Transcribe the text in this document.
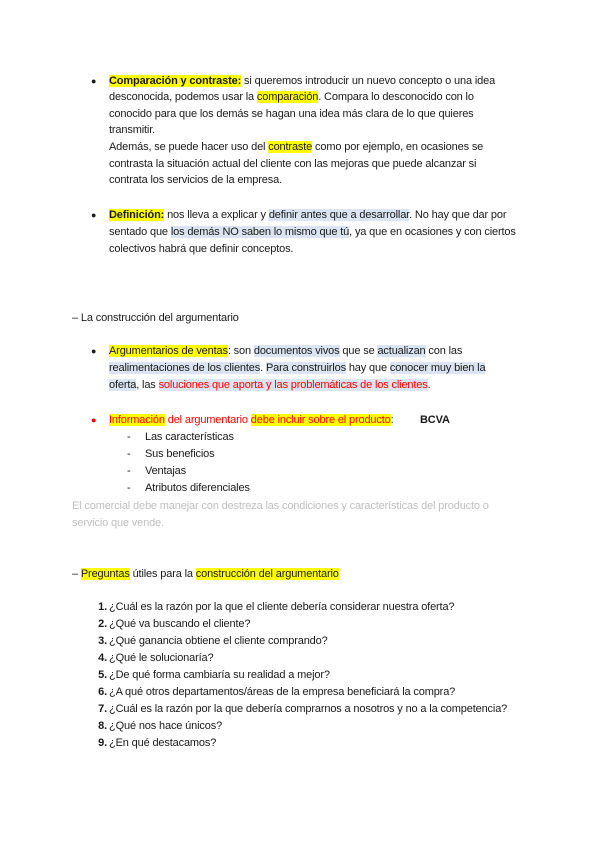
● Comparación y contraste: si queremos introducir un nuevo concepto o una idea
desconocida, podemos usar la comparación. Compara lo desconocido con lo
conocido para que los demás se hagan una idea más clara de lo que quieres
transmitir.
Además, se puede hacer uso del contraste como por ejemplo, en ocasiones se
contrasta la situación actual del cliente con las mejoras que puede alcanzar si
contrata los servicios de la empresa.
● Definición: nos lleva a explicar y definir antes que a desarrollar. No hay que dar por
sentado que los demás NO saben lo mismo que tú, ya que en ocasiones y con ciertos
colectivos habrá que definir conceptos.
– La construcción del argumentario
● Argumentarios de ventas: son documentos vivos que se actualizan con las
realimentaciones de los clientes. Para construirlos hay que conocer muy bien la
oferta, las soluciones que aporta y las problemáticas de los clientes.
● Información del argumentario debe incluir sobre el producto: BCVA
- Las características
- Sus beneficios
- Ventajas
- Atributos diferenciales
El comercial debe manejar con destreza las condiciones y características del producto o
servicio que vende.
– Preguntas útiles para la construcción del argumentario
1. ¿Cuál es la razón por la que el cliente debería considerar nuestra oferta?
2. ¿Qué va buscando el cliente?
3. ¿Qué ganancia obtiene el cliente comprando?
4. ¿Qué le solucionaría?
5. ¿De qué forma cambiaría su realidad a mejor?
6. ¿A qué otros departamentos/áreas de la empresa beneficiará la compra?
7. ¿Cuál es la razón por la que debería comprarnos a nosotros y no a la competencia?
8. ¿Qué nos hace únicos?
9. ¿En qué destacamos?
